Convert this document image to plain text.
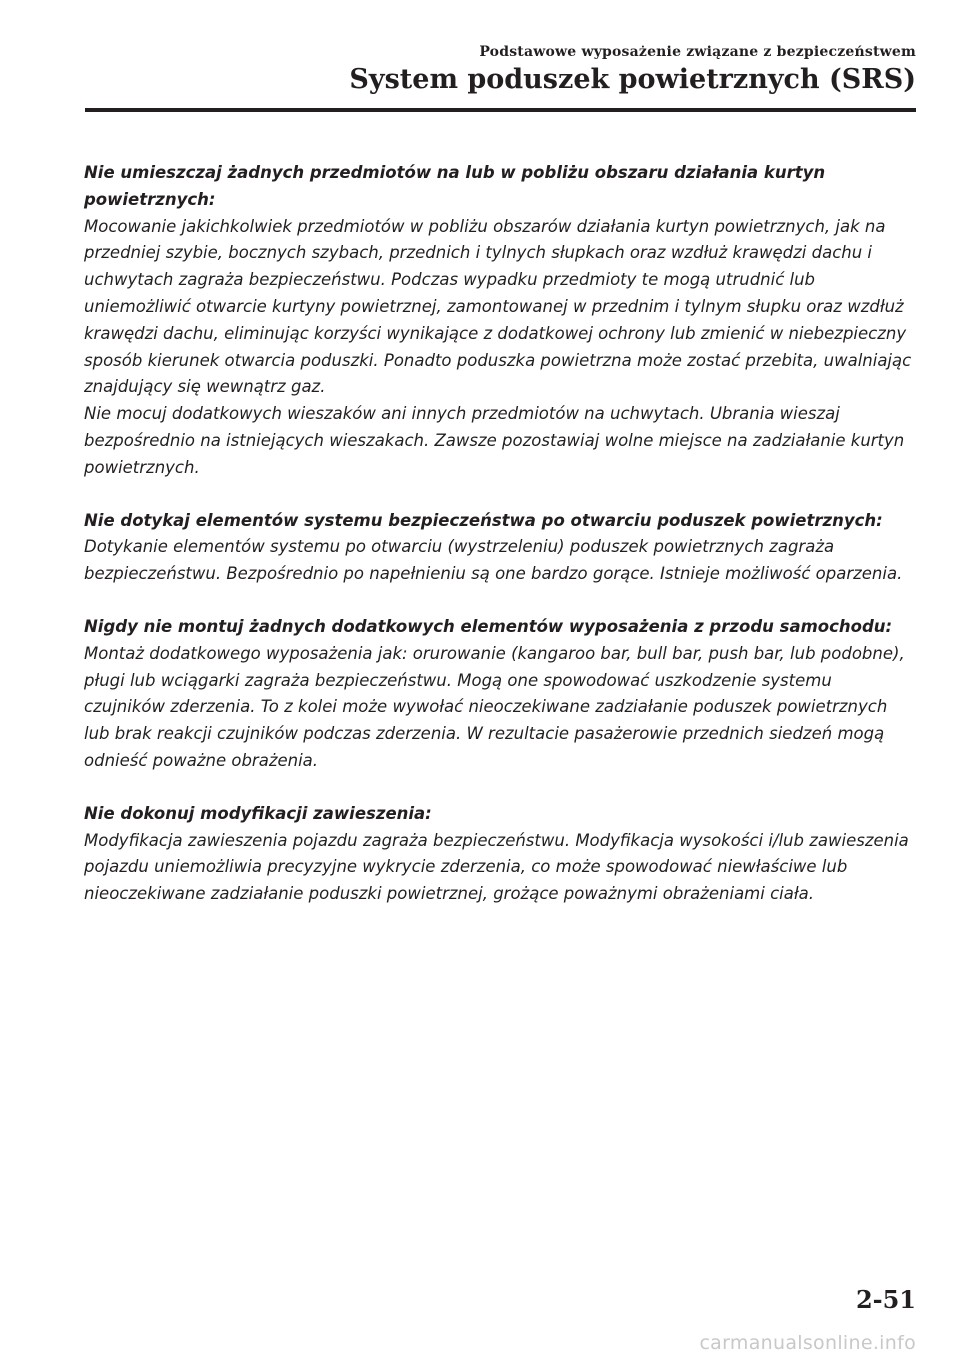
Podstawowe wyposażenie związane z bezpieczeństwem
System poduszek powietrznych (SRS)

Nie umieszczaj żadnych przedmiotów na lub w pobliżu obszaru działania kurtyn powietrznych:

Mocowanie jakichkolwiek przedmiotów w pobliżu obszarów działania kurtyn powietrznych, jak na przedniej szybie, bocznych szybach, przednich i tylnych słupkach oraz wzdłuż krawędzi dachu i uchwytach zagraża bezpieczeństwu. Podczas wypadku przedmioty te mogą utrudnić lub uniemożliwić otwarcie kurtyny powietrznej, zamontowanej w przednim i tylnym słupku oraz wzdłuż krawędzi dachu, eliminując korzyści wynikające z dodatkowej ochrony lub zmienić w niebezpieczny sposób kierunek otwarcia poduszki. Ponadto poduszka powietrzna może zostać przebita, uwalniając znajdujący się wewnątrz gaz.

Nie mocuj dodatkowych wieszaków ani innych przedmiotów na uchwytach. Ubrania wieszaj bezpośrednio na istniejących wieszakach. Zawsze pozostawiaj wolne miejsce na zadziałanie kurtyn powietrznych.

Nie dotykaj elementów systemu bezpieczeństwa po otwarciu poduszek powietrznych:

Dotykanie elementów systemu po otwarciu (wystrzeleniu) poduszek powietrznych zagraża bezpieczeństwu. Bezpośrednio po napełnieniu są one bardzo gorące. Istnieje możliwość oparzenia.

Nigdy nie montuj żadnych dodatkowych elementów wyposażenia z przodu samochodu:

Montaż dodatkowego wyposażenia jak: orurowanie (kangaroo bar, bull bar, push bar, lub podobne), pługi lub wciągarki zagraża bezpieczeństwu. Mogą one spowodować uszkodzenie systemu czujników zderzenia. To z kolei może wywołać nieoczekiwane zadziałanie poduszek powietrznych lub brak reakcji czujników podczas zderzenia. W rezultacie pasażerowie przednich siedzeń mogą odnieść poważne obrażenia.

Nie dokonuj modyfikacji zawieszenia:

Modyfikacja zawieszenia pojazdu zagraża bezpieczeństwu. Modyfikacja wysokości i/lub zawieszenia pojazdu uniemożliwia precyzyjne wykrycie zderzenia, co może spowodować niewłaściwe lub nieoczekiwane zadziałanie poduszki powietrznej, grożące poważnymi obrażeniami ciała.

2-51
carmanualsonline.info
